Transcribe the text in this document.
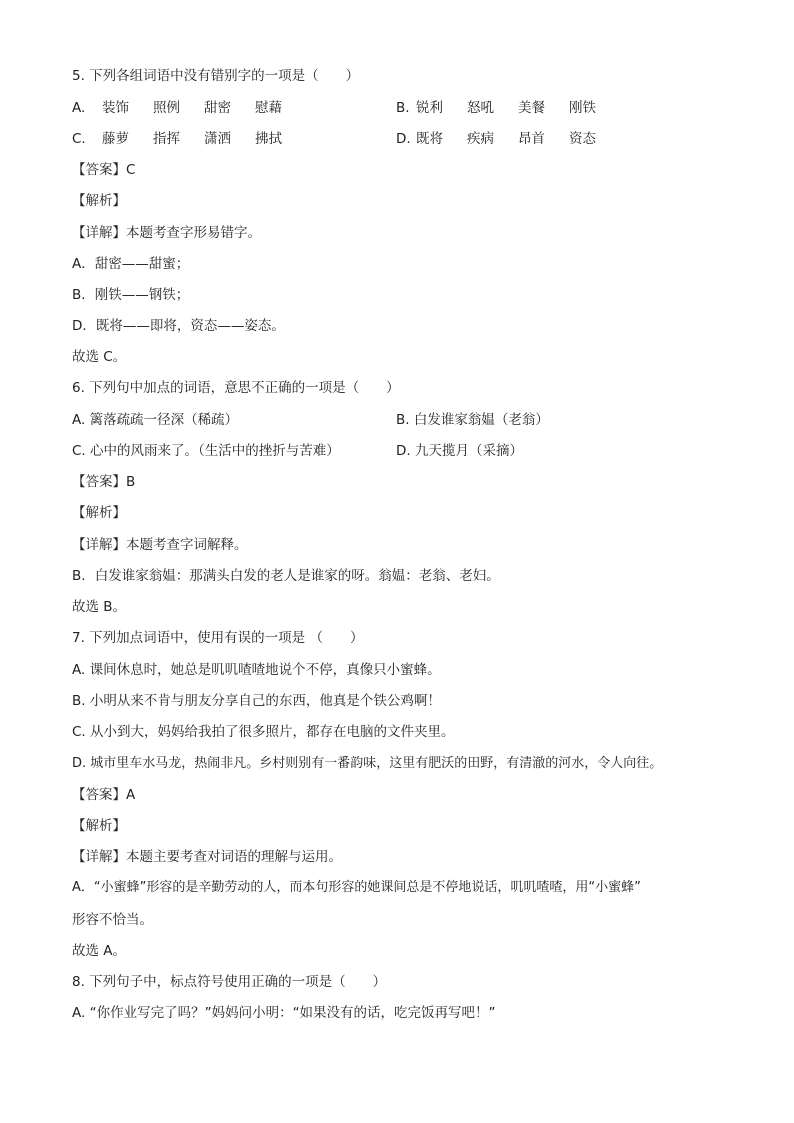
5. 下列各组词语中没有错别字的一项是（　　）
A. 装饰 照例 甜密 慰藉	B. 锐利 怒吼 美餐 刚铁
C. 藤萝 指挥 潇洒 拂拭	D. 既将 疾病 昂首 资态
【答案】C
【解析】
【详解】本题考查字形易错字。
A．甜密——甜蜜；
B．刚铁——钢铁；
D．既将——即将，资态——姿态。
故选 C。
6. 下列句中加点的词语，意思不正确的一项是（　　）
A. 篱落疏疏一径深（稀疏）	B. 白发谁家翁媪（老翁）
C. 心中的风雨来了。（生活中的挫折与苦难）	D. 九天揽月（采摘）
【答案】B
【解析】
【详解】本题考查字词解释。
B．白发谁家翁媪：那满头白发的老人是谁家的呀。翁媪：老翁、老妇。
故选 B。
7. 下列加点词语中，使用有误的一项是 （　　）
A. 课间休息时，她总是叽叽喳喳地说个不停，真像只小蜜蜂。
B. 小明从来不肯与朋友分享自己的东西，他真是个铁公鸡啊！
C. 从小到大，妈妈给我拍了很多照片，都存在电脑的文件夹里。
D. 城市里车水马龙，热闹非凡。乡村则别有一番韵味，这里有肥沃的田野，有清澈的河水，令人向往。
【答案】A
【解析】
【详解】本题主要考查对词语的理解与运用。
A．“小蜜蜂”形容的是辛勤劳动的人，而本句形容的她课间总是不停地说话，叽叽喳喳，用“小蜜蜂”
形容不恰当。
故选 A。
8. 下列句子中，标点符号使用正确的一项是（　　）
A. “你作业写完了吗？”妈妈问小明：“如果没有的话，吃完饭再写吧！”
